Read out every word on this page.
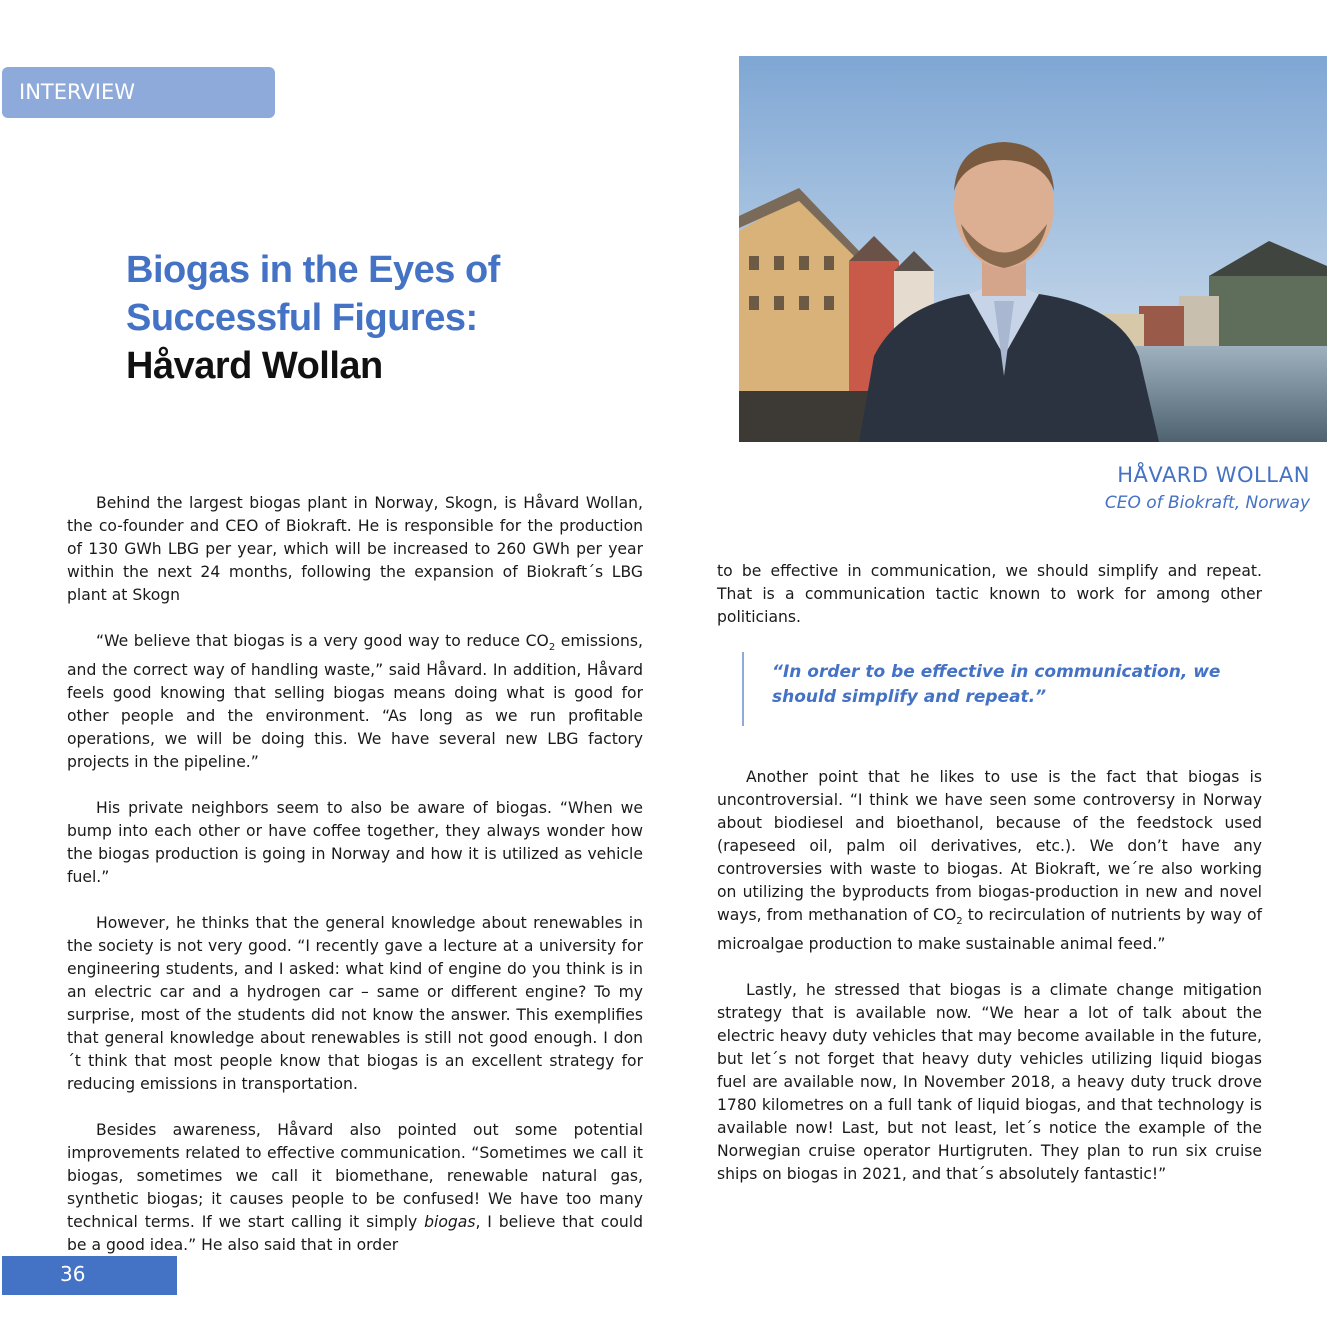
INTERVIEW
Biogas in the Eyes of
Successful Figures:
Håvard Wollan
HÅVARD WOLLAN
CEO of Biokraft, Norway

Behind the largest biogas plant in Norway, Skogn, is Håvard Wollan, the co-founder and CEO of Biokraft. He is responsible for the production of 130 GWh LBG per year, which will be increased to 260 GWh per year within the next 24 months, following the expansion of Biokraft´s LBG plant at Skogn

“We believe that biogas is a very good way to reduce $CO_2$ emissions, and the correct way of handling waste,” said Håvard. In addition, Håvard feels good knowing that selling biogas means doing what is good for other people and the environment. “As long as we run profitable operations, we will be doing this. We have several new LBG factory projects in the pipeline.”

His private neighbors seem to also be aware of biogas. “When we bump into each other or have coffee together, they always wonder how the biogas production is going in Norway and how it is utilized as vehicle fuel.”

However, he thinks that the general knowledge about renewables in the society is not very good. “I recently gave a lecture at a university for engineering students, and I asked: what kind of engine do you think is in an electric car and a hydrogen car – same or different engine? To my surprise, most of the students did not know the answer. This exemplifies that general knowledge about renewables is still not good enough. I don´t think that most people know that biogas is an excellent strategy for reducing emissions in transportation.

Besides awareness, Håvard also pointed out some potential improvements related to effective communication. “Sometimes we call it biogas, sometimes we call it biomethane, renewable natural gas, synthetic biogas; it causes people to be confused! We have too many technical terms. If we start calling it simply biogas, I believe that could be a good idea.” He also said that in order

to be effective in communication, we should simplify and repeat. That is a communication tactic known to work for among other politicians.

“In order to be effective in communication, we should simplify and repeat.”

Another point that he likes to use is the fact that biogas is uncontroversial. “I think we have seen some controversy in Norway about biodiesel and bioethanol, because of the feedstock used (rapeseed oil, palm oil derivatives, etc.). We don’t have any controversies with waste to biogas. At Biokraft, we´re also working on utilizing the byproducts from biogas-production in new and novel ways, from methanation of $CO_2$ to recirculation of nutrients by way of microalgae production to make sustainable animal feed.”

Lastly, he stressed that biogas is a climate change mitigation strategy that is available now. “We hear a lot of talk about the electric heavy duty vehicles that may become available in the future, but let´s not forget that heavy duty vehicles utilizing liquid biogas fuel are available now, In November 2018, a heavy duty truck drove 1780 kilometres on a full tank of liquid biogas, and that technology is available now! Last, but not least, let´s notice the example of the Norwegian cruise operator Hurtigruten. They plan to run six cruise ships on biogas in 2021, and that´s absolutely fantastic!”

36
